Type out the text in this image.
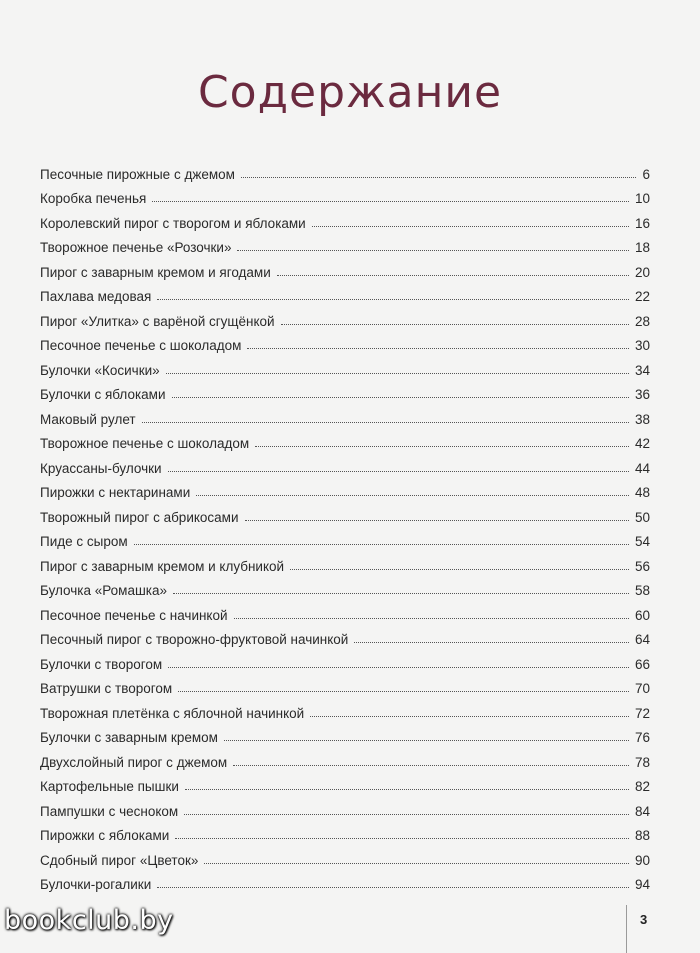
Содержание
Песочные пирожные с джемом	6
Коробка печенья	10
Королевский пирог с творогом и яблоками	16
Творожное печенье «Розочки»	18
Пирог с заварным кремом и ягодами	20
Пахлава медовая	22
Пирог «Улитка» с варёной сгущёнкой	28
Песочное печенье с шоколадом	30
Булочки «Косички»	34
Булочки с яблоками	36
Маковый рулет	38
Творожное печенье с шоколадом	42
Круассаны-булочки	44
Пирожки с нектаринами	48
Творожный пирог с абрикосами	50
Пиде с сыром	54
Пирог с заварным кремом и клубникой	56
Булочка «Ромашка»	58
Песочное печенье с начинкой	60
Песочный пирог с творожно-фруктовой начинкой	64
Булочки с творогом	66
Ватрушки с творогом	70
Творожная плетёнка с яблочной начинкой	72
Булочки с заварным кремом	76
Двухслойный пирог с джемом	78
Картофельные пышки	82
Пампушки с чесноком	84
Пирожки с яблоками	88
Сдобный пирог «Цветок»	90
Булочки-рогалики	94
3
bookclub.by
